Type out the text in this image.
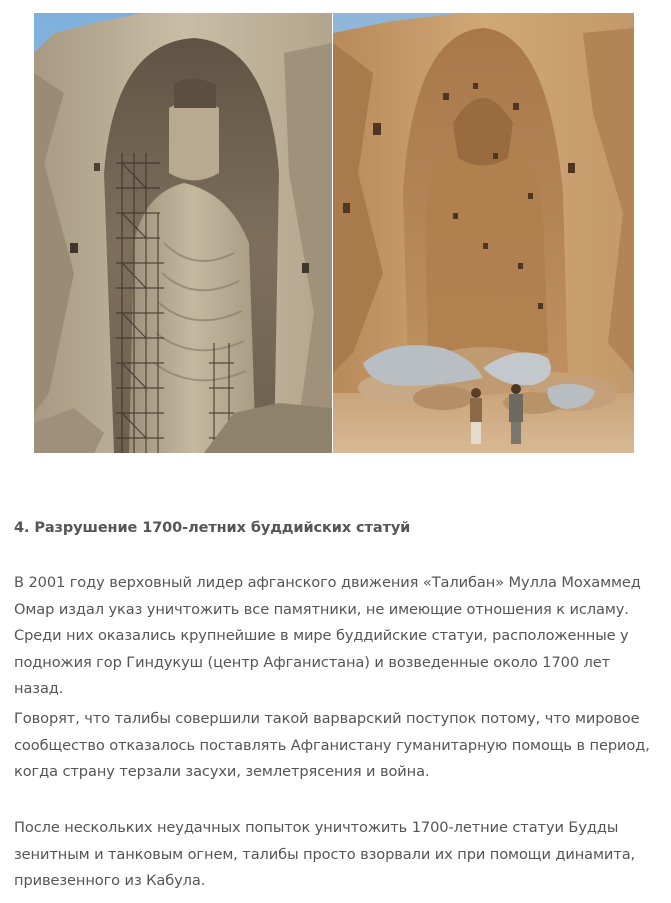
4. Разрушение 1700-летних буддийских статуй

В 2001 году верховный лидер афганского движения «Талибан» Мулла Мохаммед Омар издал указ уничтожить все памятники, не имеющие отношения к исламу. Среди них оказались крупнейшие в мире буддийские статуи, расположенные у подножия гор Гиндукуш (центр Афганистана) и возведенные около 1700 лет назад.

Говорят, что талибы совершили такой варварский поступок потому, что мировое сообщество отказалось поставлять Афганистану гуманитарную помощь в период, когда страну терзали засухи, землетрясения и война.

После нескольких неудачных попыток уничтожить 1700-летние статуи Будды зенитным и танковым огнем, талибы просто взорвали их при помощи динамита, привезенного из Кабула.
